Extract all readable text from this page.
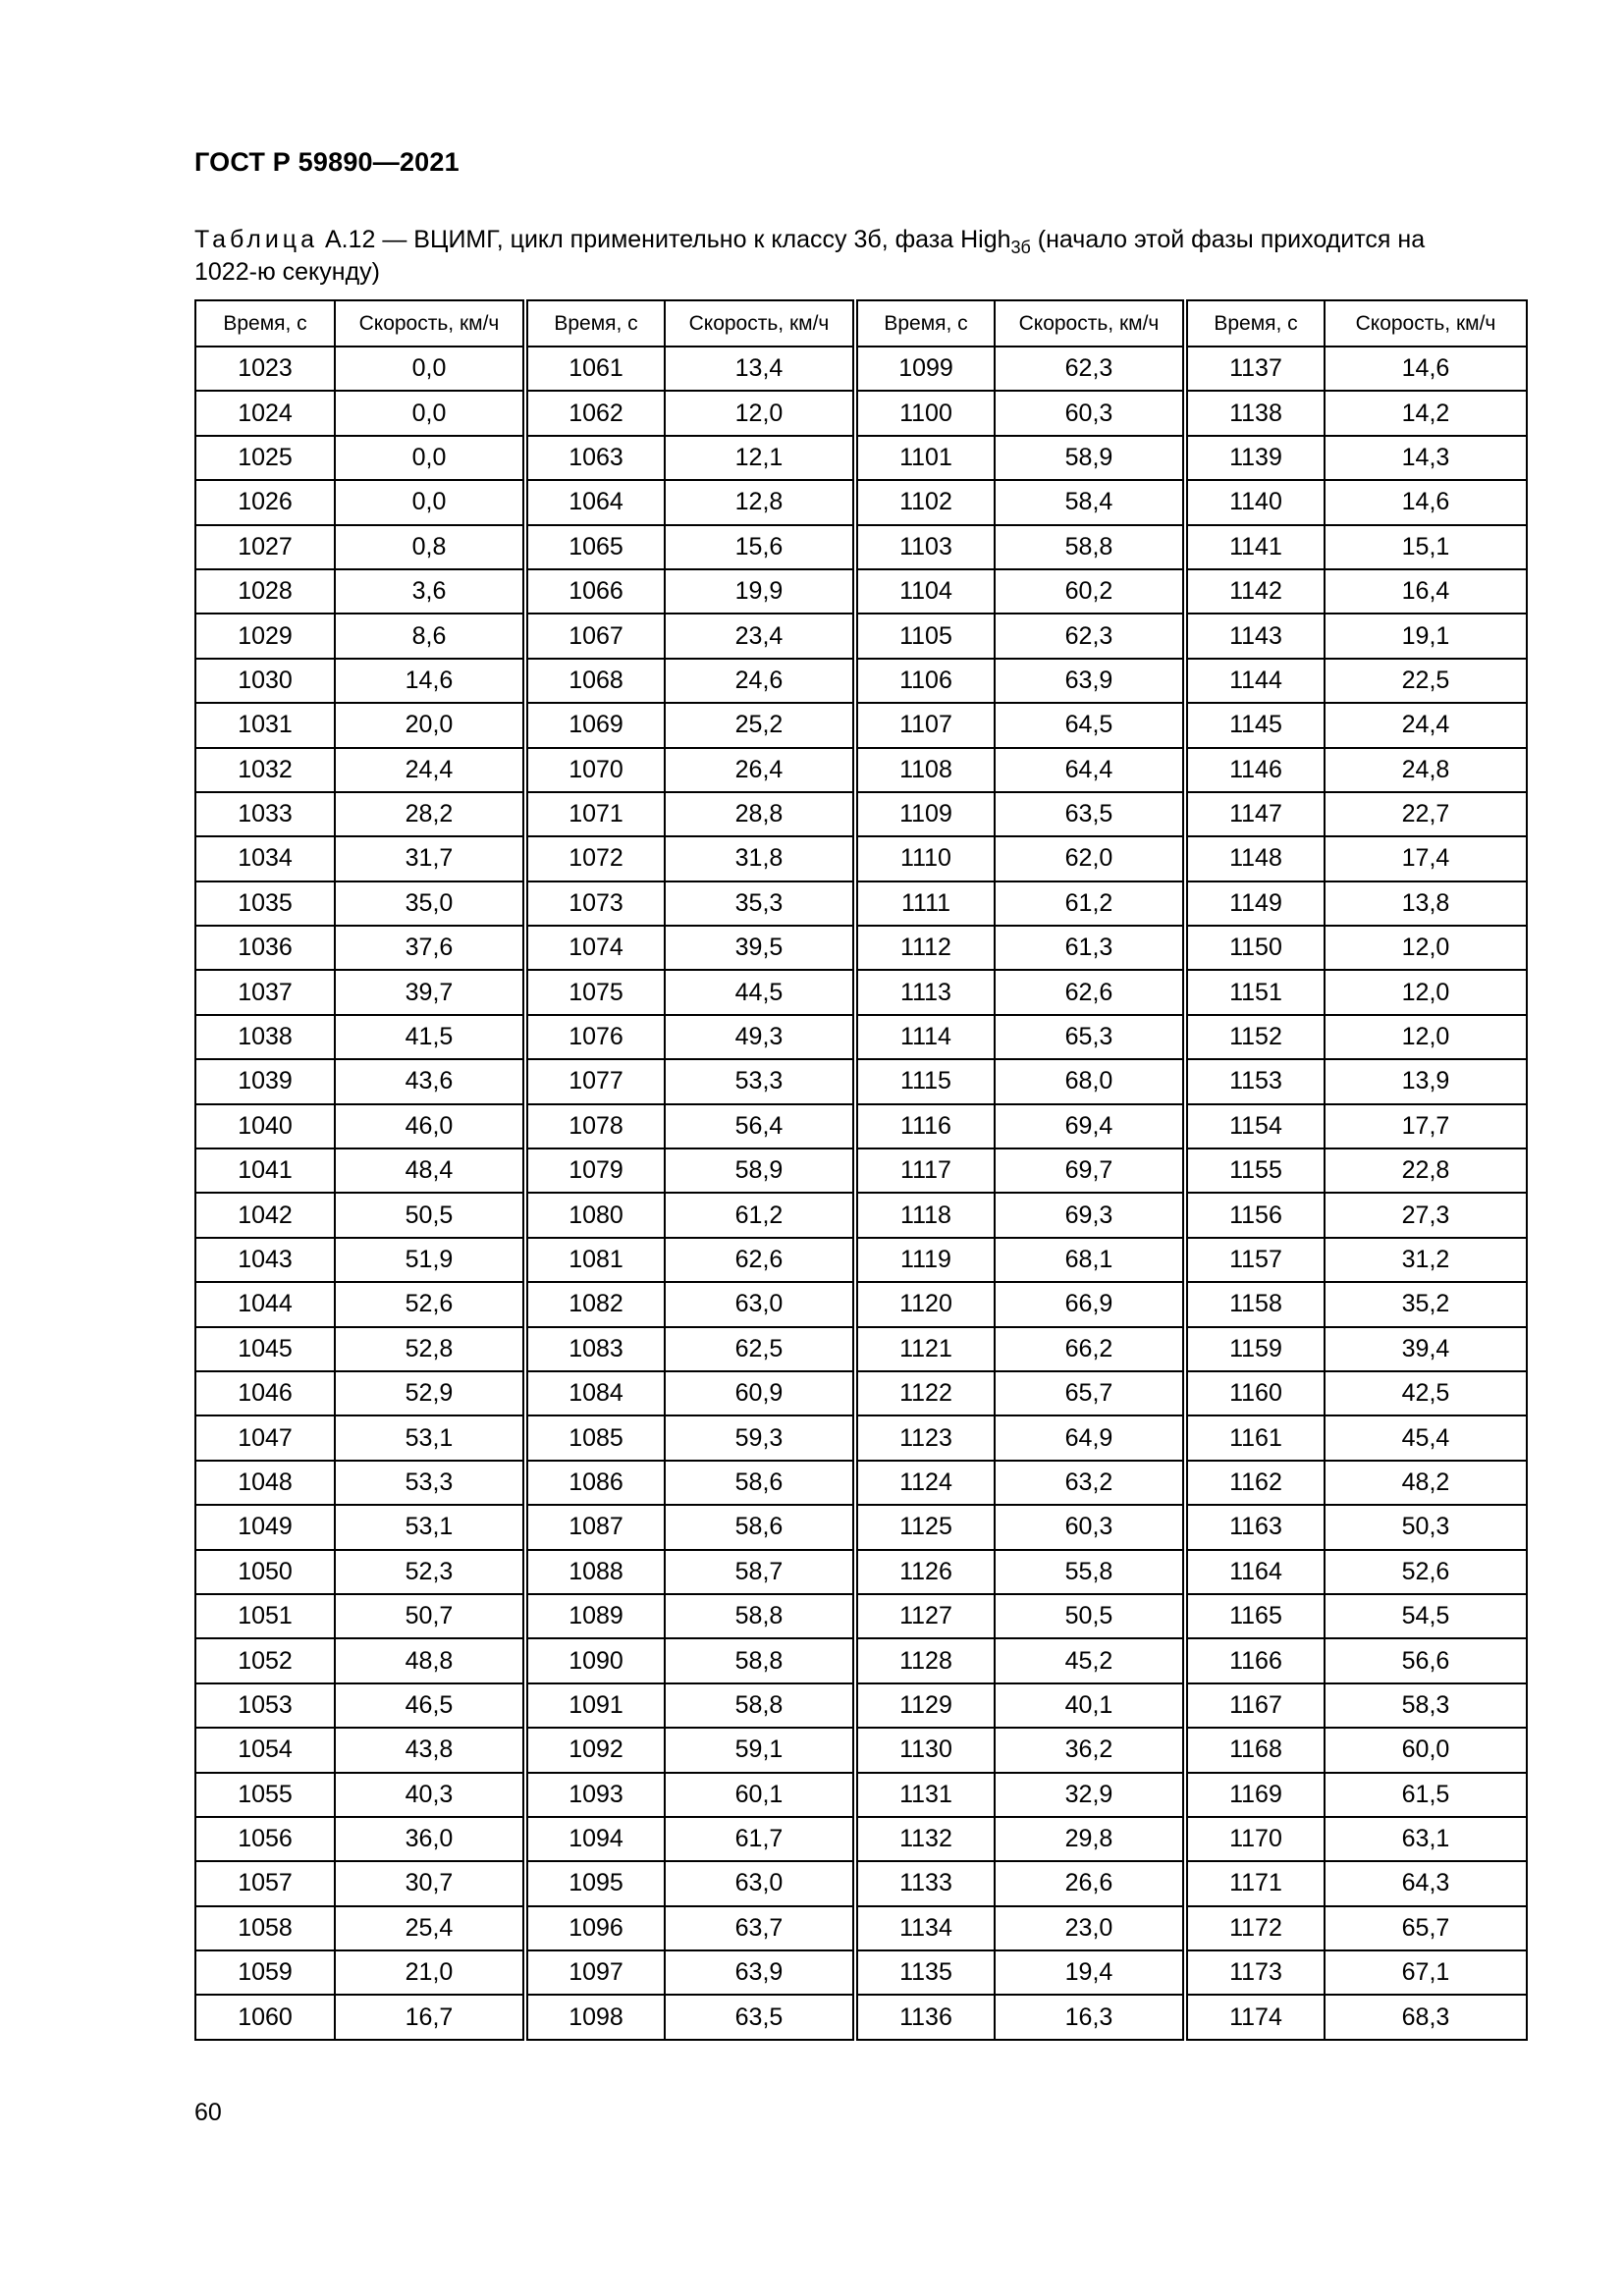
ГОСТ Р 59890—2021
Таблица А.12 — ВЦИМГ, цикл применительно к классу 3б, фаза High$_{3б}$ (начало этой фазы приходится на
1022-ю секунду)
Время, с	Скорость, км/ч	Время, с	Скорость, км/ч	Время, с	Скорость, км/ч	Время, с	Скорость, км/ч
1023	0,0	1061	13,4	1099	62,3	1137	14,6
1024	0,0	1062	12,0	1100	60,3	1138	14,2
1025	0,0	1063	12,1	1101	58,9	1139	14,3
1026	0,0	1064	12,8	1102	58,4	1140	14,6
1027	0,8	1065	15,6	1103	58,8	1141	15,1
1028	3,6	1066	19,9	1104	60,2	1142	16,4
1029	8,6	1067	23,4	1105	62,3	1143	19,1
1030	14,6	1068	24,6	1106	63,9	1144	22,5
1031	20,0	1069	25,2	1107	64,5	1145	24,4
1032	24,4	1070	26,4	1108	64,4	1146	24,8
1033	28,2	1071	28,8	1109	63,5	1147	22,7
1034	31,7	1072	31,8	1110	62,0	1148	17,4
1035	35,0	1073	35,3	1111	61,2	1149	13,8
1036	37,6	1074	39,5	1112	61,3	1150	12,0
1037	39,7	1075	44,5	1113	62,6	1151	12,0
1038	41,5	1076	49,3	1114	65,3	1152	12,0
1039	43,6	1077	53,3	1115	68,0	1153	13,9
1040	46,0	1078	56,4	1116	69,4	1154	17,7
1041	48,4	1079	58,9	1117	69,7	1155	22,8
1042	50,5	1080	61,2	1118	69,3	1156	27,3
1043	51,9	1081	62,6	1119	68,1	1157	31,2
1044	52,6	1082	63,0	1120	66,9	1158	35,2
1045	52,8	1083	62,5	1121	66,2	1159	39,4
1046	52,9	1084	60,9	1122	65,7	1160	42,5
1047	53,1	1085	59,3	1123	64,9	1161	45,4
1048	53,3	1086	58,6	1124	63,2	1162	48,2
1049	53,1	1087	58,6	1125	60,3	1163	50,3
1050	52,3	1088	58,7	1126	55,8	1164	52,6
1051	50,7	1089	58,8	1127	50,5	1165	54,5
1052	48,8	1090	58,8	1128	45,2	1166	56,6
1053	46,5	1091	58,8	1129	40,1	1167	58,3
1054	43,8	1092	59,1	1130	36,2	1168	60,0
1055	40,3	1093	60,1	1131	32,9	1169	61,5
1056	36,0	1094	61,7	1132	29,8	1170	63,1
1057	30,7	1095	63,0	1133	26,6	1171	64,3
1058	25,4	1096	63,7	1134	23,0	1172	65,7
1059	21,0	1097	63,9	1135	19,4	1173	67,1
1060	16,7	1098	63,5	1136	16,3	1174	68,3
60
